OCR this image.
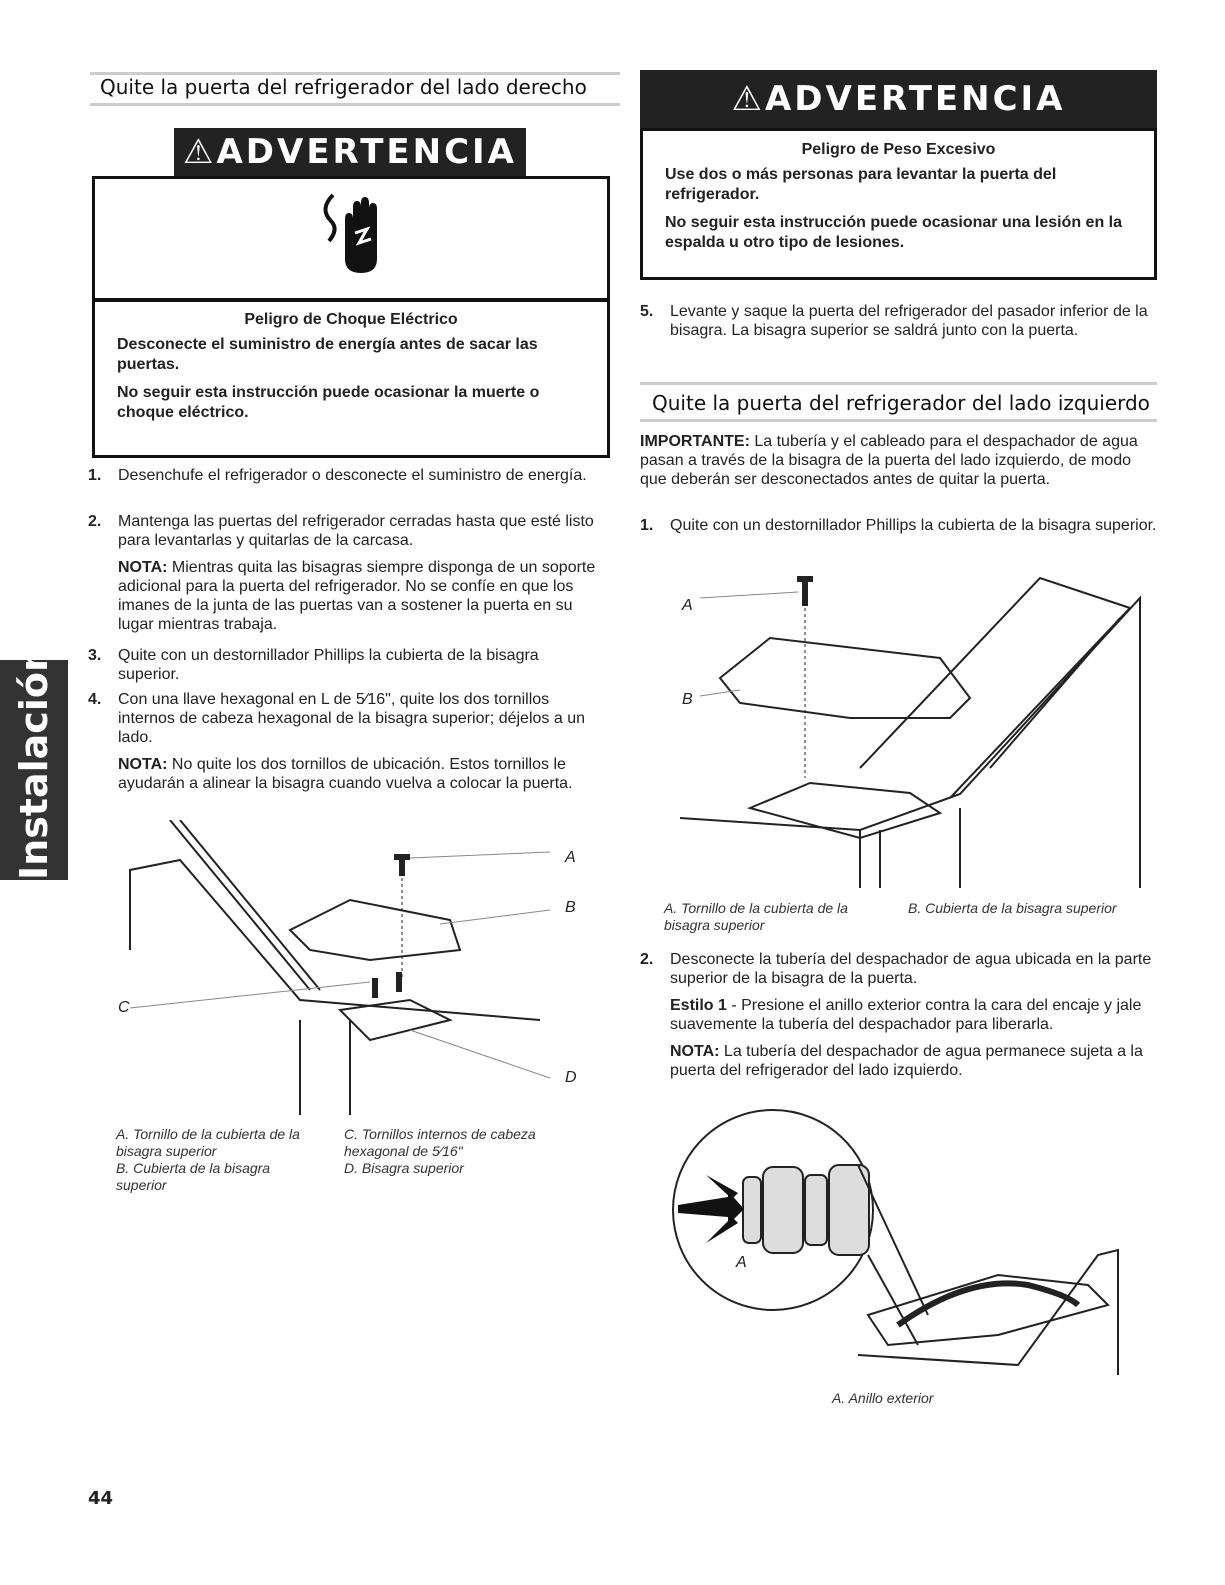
Quite la puerta del refrigerador del lado derecho
⚠ADVERTENCIA
Peligro de Choque Eléctrico
Desconecte el suministro de energía antes de sacar las puertas.
No seguir esta instrucción puede ocasionar la muerte o choque eléctrico.
1. Desenchufe el refrigerador o desconecte el suministro de energía.
2. Mantenga las puertas del refrigerador cerradas hasta que esté listo para levantarlas y quitarlas de la carcasa.
NOTA: Mientras quita las bisagras siempre disponga de un soporte adicional para la puerta del refrigerador. No se confíe en que los imanes de la junta de las puertas van a sostener la puerta en su lugar mientras trabaja.
3. Quite con un destornillador Phillips la cubierta de la bisagra superior.
4. Con una llave hexagonal en L de 5⁄16", quite los dos tornillos internos de cabeza hexagonal de la bisagra superior; déjelos a un lado.
NOTA: No quite los dos tornillos de ubicación. Estos tornillos le ayudarán a alinear la bisagra cuando vuelva a colocar la puerta.
A
B
C
D
A. Tornillo de la cubierta de la bisagra superior
B. Cubierta de la bisagra superior
C. Tornillos internos de cabeza hexagonal de 5⁄16"
D. Bisagra superior
Instalación
⚠ADVERTENCIA
Peligro de Peso Excesivo
Use dos o más personas para levantar la puerta del refrigerador.
No seguir esta instrucción puede ocasionar una lesión en la espalda u otro tipo de lesiones.
5. Levante y saque la puerta del refrigerador del pasador inferior de la bisagra. La bisagra superior se saldrá junto con la puerta.
Quite la puerta del refrigerador del lado izquierdo
IMPORTANTE: La tubería y el cableado para el despachador de agua pasan a través de la bisagra de la puerta del lado izquierdo, de modo que deberán ser desconectados antes de quitar la puerta.
1. Quite con un destornillador Phillips la cubierta de la bisagra superior.
A
B
A. Tornillo de la cubierta de la bisagra superior
B. Cubierta de la bisagra superior
2. Desconecte la tubería del despachador de agua ubicada en la parte superior de la bisagra de la puerta.
Estilo 1 - Presione el anillo exterior contra la cara del encaje y jale suavemente la tubería del despachador para liberarla.
NOTA: La tubería del despachador de agua permanece sujeta a la puerta del refrigerador del lado izquierdo.
A
A. Anillo exterior
44
